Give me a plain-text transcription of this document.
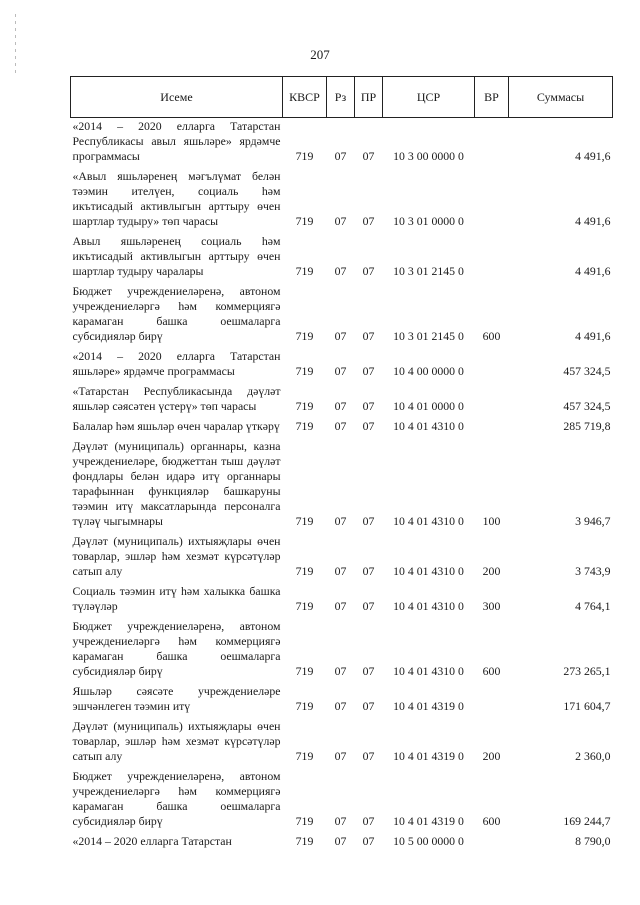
207
Исеме	КВСР	Рз	ПР	ЦСР	ВР	Суммасы
«2014 – 2020 елларга Татарстан Республикасы авыл яшьләре» ярдәмче программасы	719	07	07	10 3 00 0000 0		4 491,6
«Авыл яшьләренең мәгълүмат белән тәэмин ителүен, социаль һәм икътисадый активлыгын арттыру өчен шартлар тудыру» төп чарасы	719	07	07	10 3 01 0000 0		4 491,6
Авыл яшьләренең социаль һәм икътисадый активлыгын арттыру өчен шартлар тудыру чаралары	719	07	07	10 3 01 2145 0		4 491,6
Бюджет учреждениеләренә, автоном учреждениеләргә һәм коммерциягә карамаган башка оешмаларга субсидияләр бирү	719	07	07	10 3 01 2145 0	600	4 491,6
«2014 – 2020 елларга Татарстан яшьләре» ярдәмче программасы	719	07	07	10 4 00 0000 0		457 324,5
«Татарстан Республикасында дәүләт яшьләр сәясәтен үстерү» төп чарасы	719	07	07	10 4 01 0000 0		457 324,5
Балалар һәм яшьләр өчен чаралар үткәрү	719	07	07	10 4 01 4310 0		285 719,8
Дәүләт (муниципаль) органнары, казна учреждениеләре, бюджеттан тыш дәүләт фондлары белән идарә итү органнары тарафыннан функцияләр башкаруны тәэмин итү максатларында персоналга түләү чыгымнары	719	07	07	10 4 01 4310 0	100	3 946,7
Дәүләт (муниципаль) ихтыяҗлары өчен товарлар, эшләр һәм хезмәт күрсәтүләр сатып алу	719	07	07	10 4 01 4310 0	200	3 743,9
Социаль тәэмин итү һәм халыкка башка түләүләр	719	07	07	10 4 01 4310 0	300	4 764,1
Бюджет учреждениеләренә, автоном учреждениеләргә һәм коммерциягә карамаган башка оешмаларга субсидияләр бирү	719	07	07	10 4 01 4310 0	600	273 265,1
Яшьләр сәясәте учреждениеләре эшчәнлеген тәэмин итү	719	07	07	10 4 01 4319 0		171 604,7
Дәүләт (муниципаль) ихтыяҗлары өчен товарлар, эшләр һәм хезмәт күрсәтүләр сатып алу	719	07	07	10 4 01 4319 0	200	2 360,0
Бюджет учреждениеләренә, автоном учреждениеләргә һәм коммерциягә карамаган башка оешмаларга субсидияләр бирү	719	07	07	10 4 01 4319 0	600	169 244,7
«2014 – 2020 елларга Татарстан	719	07	07	10 5 00 0000 0		8 790,0
